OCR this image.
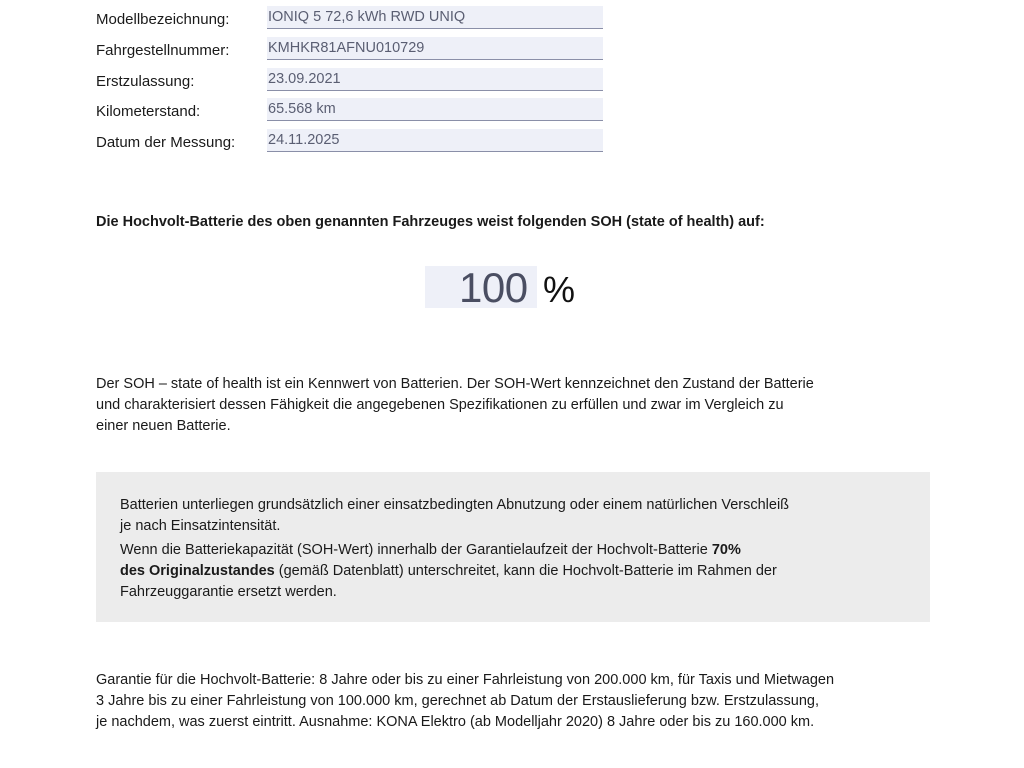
Modellbezeichnung:	IONIQ 5 72,6 kWh RWD UNIQ
Fahrgestellnummer:	KMHKR81AFNU010729
Erstzulassung:	23.09.2021
Kilometerstand:	65.568 km
Datum der Messung: 24.11.2025
Die Hochvolt-Batterie des oben genannten Fahrzeuges weist folgenden SOH (state of health) auf:
100 %
Der SOH – state of health ist ein Kennwert von Batterien. Der SOH-Wert kennzeichnet den Zustand der Batterie
und charakterisiert dessen Fähigkeit die angegebenen Spezifikationen zu erfüllen und zwar im Vergleich zu
einer neuen Batterie.
Batterien unterliegen grundsätzlich einer einsatzbedingten Abnutzung oder einem natürlichen Verschleiß
je nach Einsatzintensität.
Wenn die Batteriekapazität (SOH-Wert) innerhalb der Garantielaufzeit der Hochvolt-Batterie 70%
des Originalzustandes (gemäß Datenblatt) unterschreitet, kann die Hochvolt-Batterie im Rahmen der
Fahrzeuggarantie ersetzt werden.
Garantie für die Hochvolt-Batterie: 8 Jahre oder bis zu einer Fahrleistung von 200.000 km, für Taxis und Mietwagen
3 Jahre bis zu einer Fahrleistung von 100.000 km, gerechnet ab Datum der Erstauslieferung bzw. Erstzulassung,
je nachdem, was zuerst eintritt. Ausnahme: KONA Elektro (ab Modelljahr 2020) 8 Jahre oder bis zu 160.000 km.
